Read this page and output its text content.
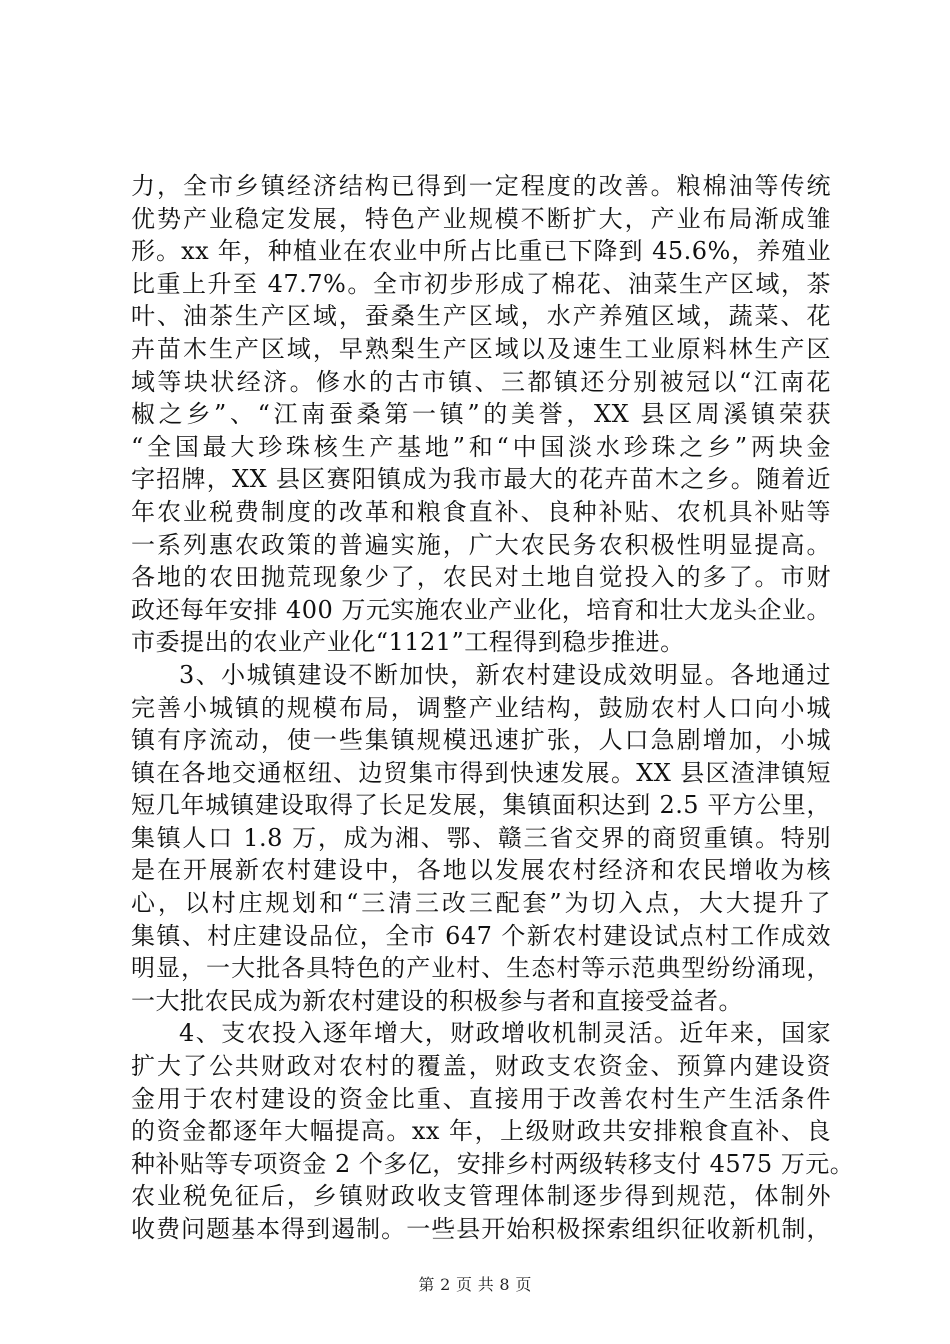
力，全市乡镇经济结构已得到一定程度的改善。粮棉油等传统
优势产业稳定发展，特色产业规模不断扩大，产业布局渐成雏
形。xx 年，种植业在农业中所占比重已下降到 45.6%，养殖业
比重上升至 47.7%。全市初步形成了棉花、油菜生产区域，茶
叶、油茶生产区域，蚕桑生产区域，水产养殖区域，蔬菜、花
卉苗木生产区域，早熟梨生产区域以及速生工业原料林生产区
域等块状经济。修水的古市镇、三都镇还分别被冠以“江南花
椒之乡”、“江南蚕桑第一镇”的美誉，XX 县区周溪镇荣获
“全国最大珍珠核生产基地”和“中国淡水珍珠之乡”两块金
字招牌，XX 县区赛阳镇成为我市最大的花卉苗木之乡。随着近
年农业税费制度的改革和粮食直补、良种补贴、农机具补贴等
一系列惠农政策的普遍实施，广大农民务农积极性明显提高。
各地的农田抛荒现象少了，农民对土地自觉投入的多了。市财
政还每年安排 400 万元实施农业产业化，培育和壮大龙头企业。
市委提出的农业产业化“1121”工程得到稳步推进。
3、小城镇建设不断加快，新农村建设成效明显。各地通过
完善小城镇的规模布局，调整产业结构，鼓励农村人口向小城
镇有序流动，使一些集镇规模迅速扩张，人口急剧增加，小城
镇在各地交通枢纽、边贸集市得到快速发展。XX 县区渣津镇短
短几年城镇建设取得了长足发展，集镇面积达到 2.5 平方公里，
集镇人口 1.8 万，成为湘、鄂、赣三省交界的商贸重镇。特别
是在开展新农村建设中，各地以发展农村经济和农民增收为核
心，以村庄规划和“三清三改三配套”为切入点，大大提升了
集镇、村庄建设品位，全市 647 个新农村建设试点村工作成效
明显，一大批各具特色的产业村、生态村等示范典型纷纷涌现，
一大批农民成为新农村建设的积极参与者和直接受益者。
4、支农投入逐年增大，财政增收机制灵活。近年来，国家
扩大了公共财政对农村的覆盖，财政支农资金、预算内建设资
金用于农村建设的资金比重、直接用于改善农村生产生活条件
的资金都逐年大幅提高。xx 年，上级财政共安排粮食直补、良
种补贴等专项资金 2 个多亿，安排乡村两级转移支付 4575 万元。
农业税免征后，乡镇财政收支管理体制逐步得到规范，体制外
收费问题基本得到遏制。一些县开始积极探索组织征收新机制，
第 2 页 共 8 页
